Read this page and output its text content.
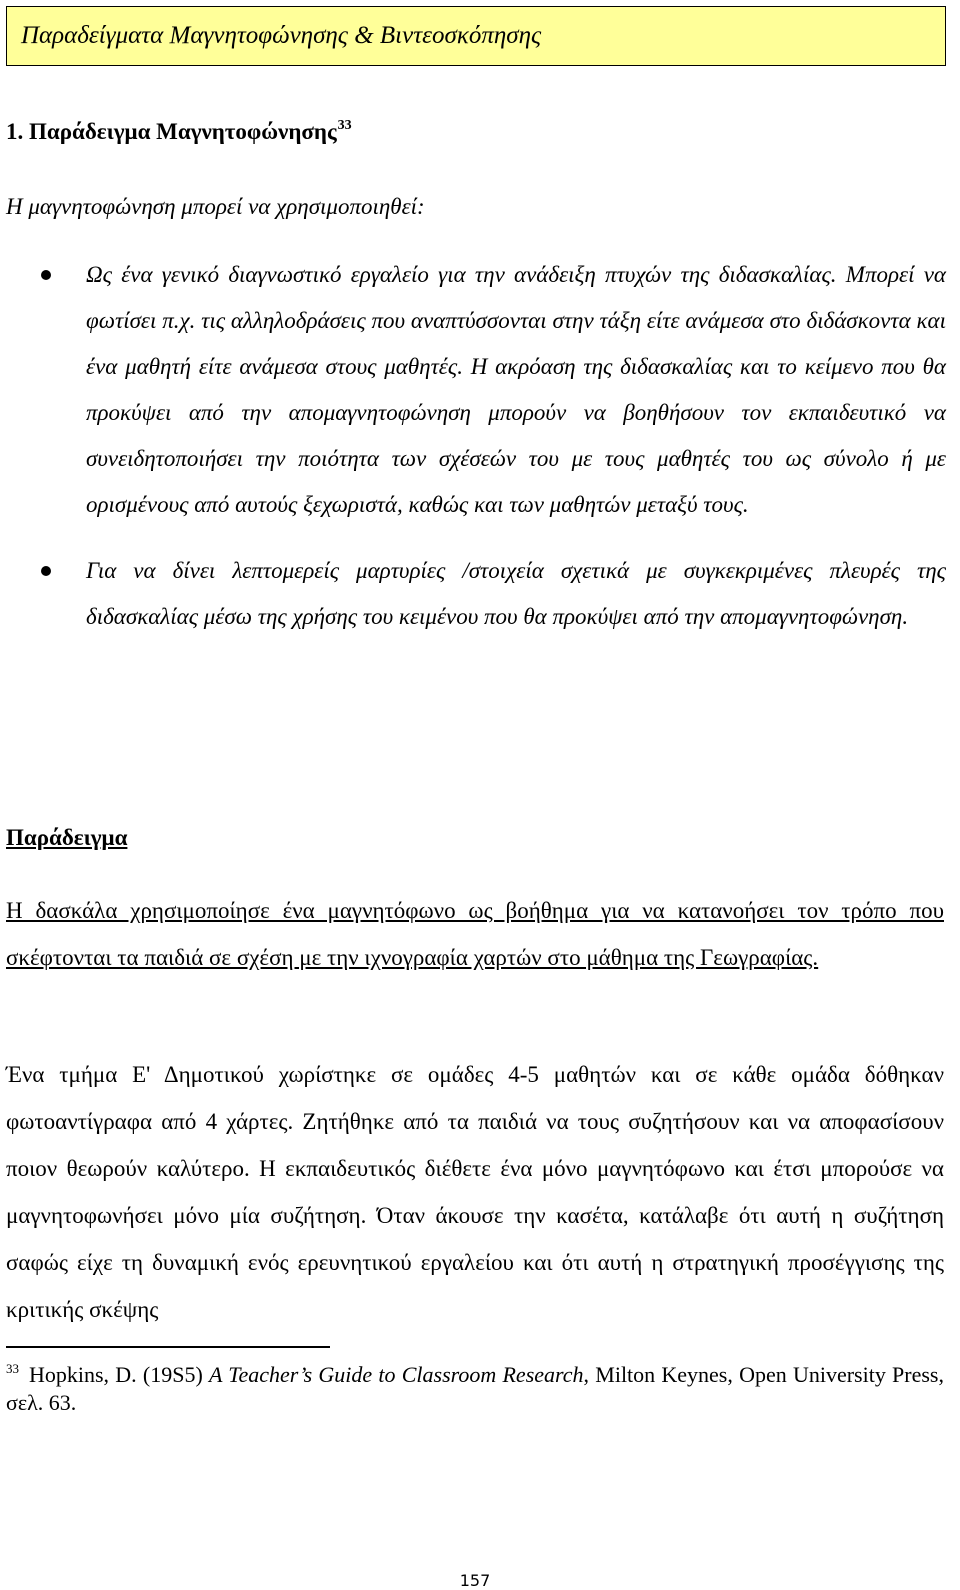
Παραδείγματα Μαγνητοφώνησης & Βιντεοσκόπησης
1. Παράδειγμα Μαγνητοφώνησης$^{33}$
Η μαγνητοφώνηση μπορεί να χρησιμοποιηθεί:
Ως ένα γενικό διαγνωστικό εργαλείο για την ανάδειξη πτυχών της διδασκαλίας. Μπορεί να φωτίσει π.χ. τις αλληλοδράσεις που αναπτύσσονται στην τάξη είτε ανάμεσα στο διδάσκοντα και ένα μαθητή είτε ανάμεσα στους μαθητές. Η ακρόαση της διδασκαλίας και το κείμενο που θα προκύψει από την απομαγνητοφώνηση μπορούν να βοηθήσουν τον εκπαιδευτικό να συνειδητοποιήσει την ποιότητα των σχέσεών του με τους μαθητές του ως σύνολο ή με ορισμένους από αυτούς ξεχωριστά, καθώς και των μαθητών μεταξύ τους.
Για να δίνει λεπτομερείς μαρτυρίες /στοιχεία σχετικά με συγκεκριμένες πλευρές της διδασκαλίας μέσω της χρήσης του κειμένου που θα προκύψει από την απομαγνητοφώνηση.
Παράδειγμα
Η δασκάλα χρησιμοποίησε ένα μαγνητόφωνο ως βοήθημα για να κατανοήσει τον τρόπο που σκέφτονται τα παιδιά σε σχέση με την ιχνογραφία χαρτών στο μάθημα της Γεωγραφίας.
Ένα τμήμα Ε' Δημοτικού χωρίστηκε σε ομάδες 4-5 μαθητών και σε κάθε ομάδα δόθηκαν φωτοαντίγραφα από 4 χάρτες. Ζητήθηκε από τα παιδιά να τους συζητήσουν και να αποφασίσουν ποιον θεωρούν καλύτερο. Η εκπαιδευτικός διέθετε ένα μόνο μαγνητόφωνο και έτσι μπορούσε να μαγνητοφωνήσει μόνο μία συζήτηση. Όταν άκουσε την κασέτα, κατάλαβε ότι αυτή η συζήτηση σαφώς είχε τη δυναμική ενός ερευνητικού εργαλείου και ότι αυτή η στρατηγική προσέγγισης της κριτικής σκέψης
$^{33}$ Hopkins, D. (19S5) A Teacher’s Guide to Classroom Research, Milton Keynes, Open University Press, σελ. 63.
157
